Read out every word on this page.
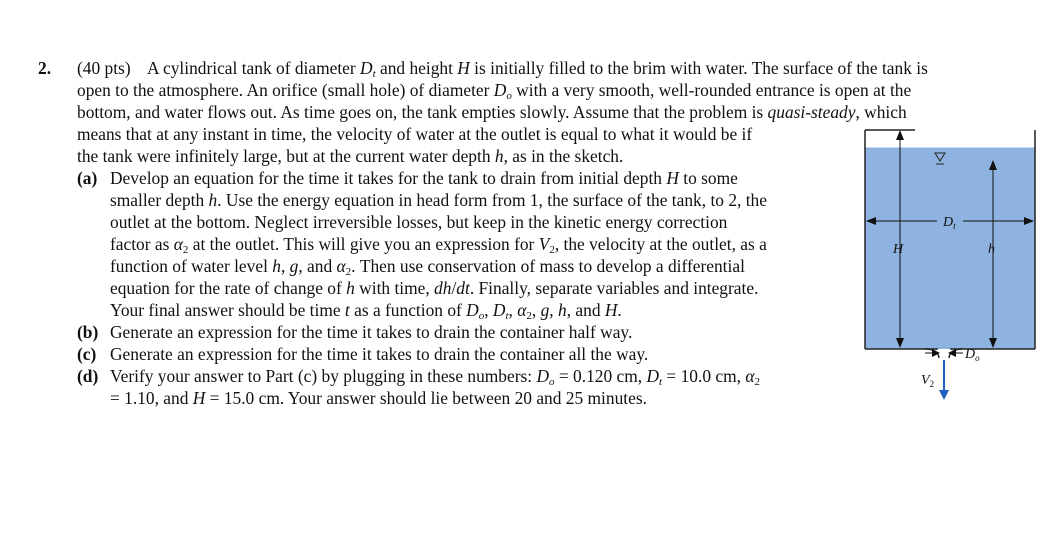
2. (40 pts)    A cylindrical tank of diameter $D_t$ and height H is initially filled to the brim with water. The surface of the tank is
open to the atmosphere. An orifice (small hole) of diameter $D_o$ with a very smooth, well-rounded entrance is open at the
bottom, and water flows out. As time goes on, the tank empties slowly. Assume that the problem is quasi-steady, which
means that at any instant in time, the velocity of water at the outlet is equal to what it would be if
the tank were infinitely large, but at the current water depth h, as in the sketch.
(a) Develop an equation for the time it takes for the tank to drain from initial depth H to some
smaller depth h. Use the energy equation in head form from 1, the surface of the tank, to 2, the
outlet at the bottom. Neglect irreversible losses, but keep in the kinetic energy correction
factor as $\alpha_2$ at the outlet. This will give you an expression for $V_2$, the velocity at the outlet, as a
function of water level h, g, and $\alpha_2$. Then use conservation of mass to develop a differential
equation for the rate of change of h with time, dh/dt. Finally, separate variables and integrate.
Your final answer should be time t as a function of $D_o$, $D_t$, $\alpha_2$, g, h, and H.
(b) Generate an expression for the time it takes to drain the container half way.
(c) Generate an expression for the time it takes to drain the container all the way.
(d) Verify your answer to Part (c) by plugging in these numbers: $D_o = 0.120$ cm, $D_t = 10.0$ cm, $\alpha_2$
= 1.10, and H = 15.0 cm. Your answer should lie between 20 and 25 minutes.
H	h
$D_t$
$D_o$
$V_2$
